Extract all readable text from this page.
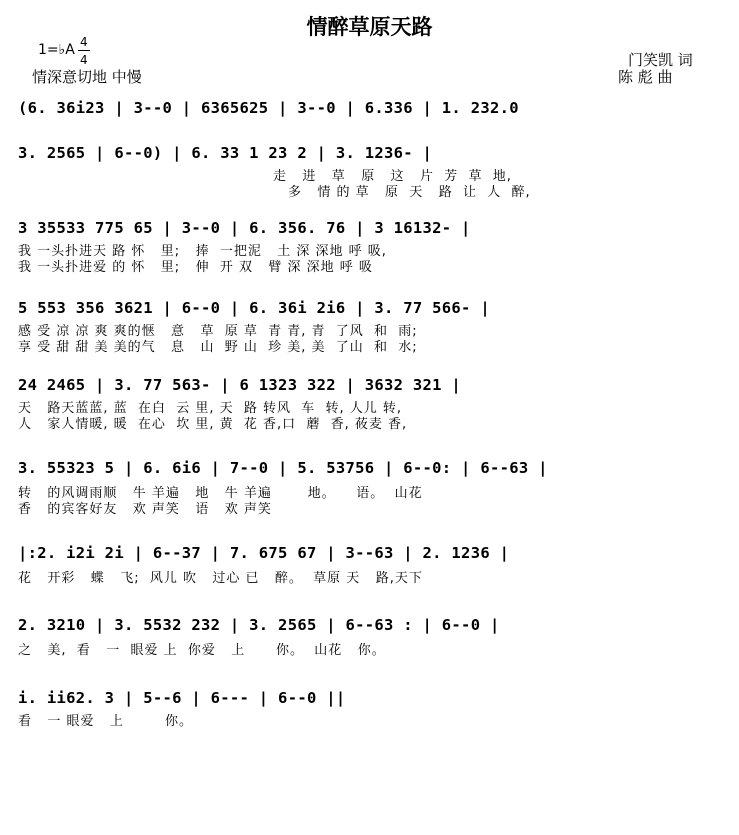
情醉草原天路
1=♭A 4
4
情深意切地 中慢
门笑凯 词
陈 彪 曲
(6. 36i23 | 3--0 | 6365625 | 3--0 | 6.336 | 1. 232.0
3. 2565 | 6--0) | 6. 33 1 23 2 | 3. 1236- |
走   进   草   原   这   片  芳  草  地,
多   情 的 草   原  天   路  让  人  醉,
3 35533 775 65 | 3--0 | 6. 356. 76 | 3 16132- |
我 一头扑进天 路 怀   里;   捧  一把泥   土 深 深地 呼 吸,
我 一头扑进爱 的 怀   里;   伸  开 双   臂 深 深地 呼 吸
5 553 356 3621 | 6--0 | 6. 36i 2i6 | 3. 77 566- |
感 受 凉 凉 爽 爽的惬   意   草  原 草  青 青, 青  了风  和  雨;
享 受 甜 甜 美 美的气   息   山  野 山  珍 美, 美  了山  和  水;
24 2465 | 3. 77 563- | 6 1323 322 | 3632 321 |
天   路天蓝蓝, 蓝  在白  云 里, 天  路 转风  车  转, 人儿 转,
人   家人情暖, 暖  在心  坎 里, 黄  花 香,口  蘑  香, 莜麦 香,
3. 55323 5 | 6. 6i6 | 7--0 | 5. 53756 | 6--0: | 6--63 |
转   的风调雨顺   牛 羊遍   地   牛 羊遍       地。    语。  山花
香   的宾客好友   欢 声笑   语   欢 声笑
|:2. i2i 2i | 6--37 | 7. 675 67 | 3--63 | 2. 1236 |
花   开彩   蝶   飞;  风儿 吹   过心 已   醉。  草原 天   路,天下
2. 3210 | 3. 5532 232 | 3. 2565 | 6--63 : | 6--0 |
之   美,  看   一  眼爱 上  你爱   上      你。  山花   你。
i. ii62. 3 | 5--6 | 6--- | 6--0 ||
看   一 眼爱   上        你。
